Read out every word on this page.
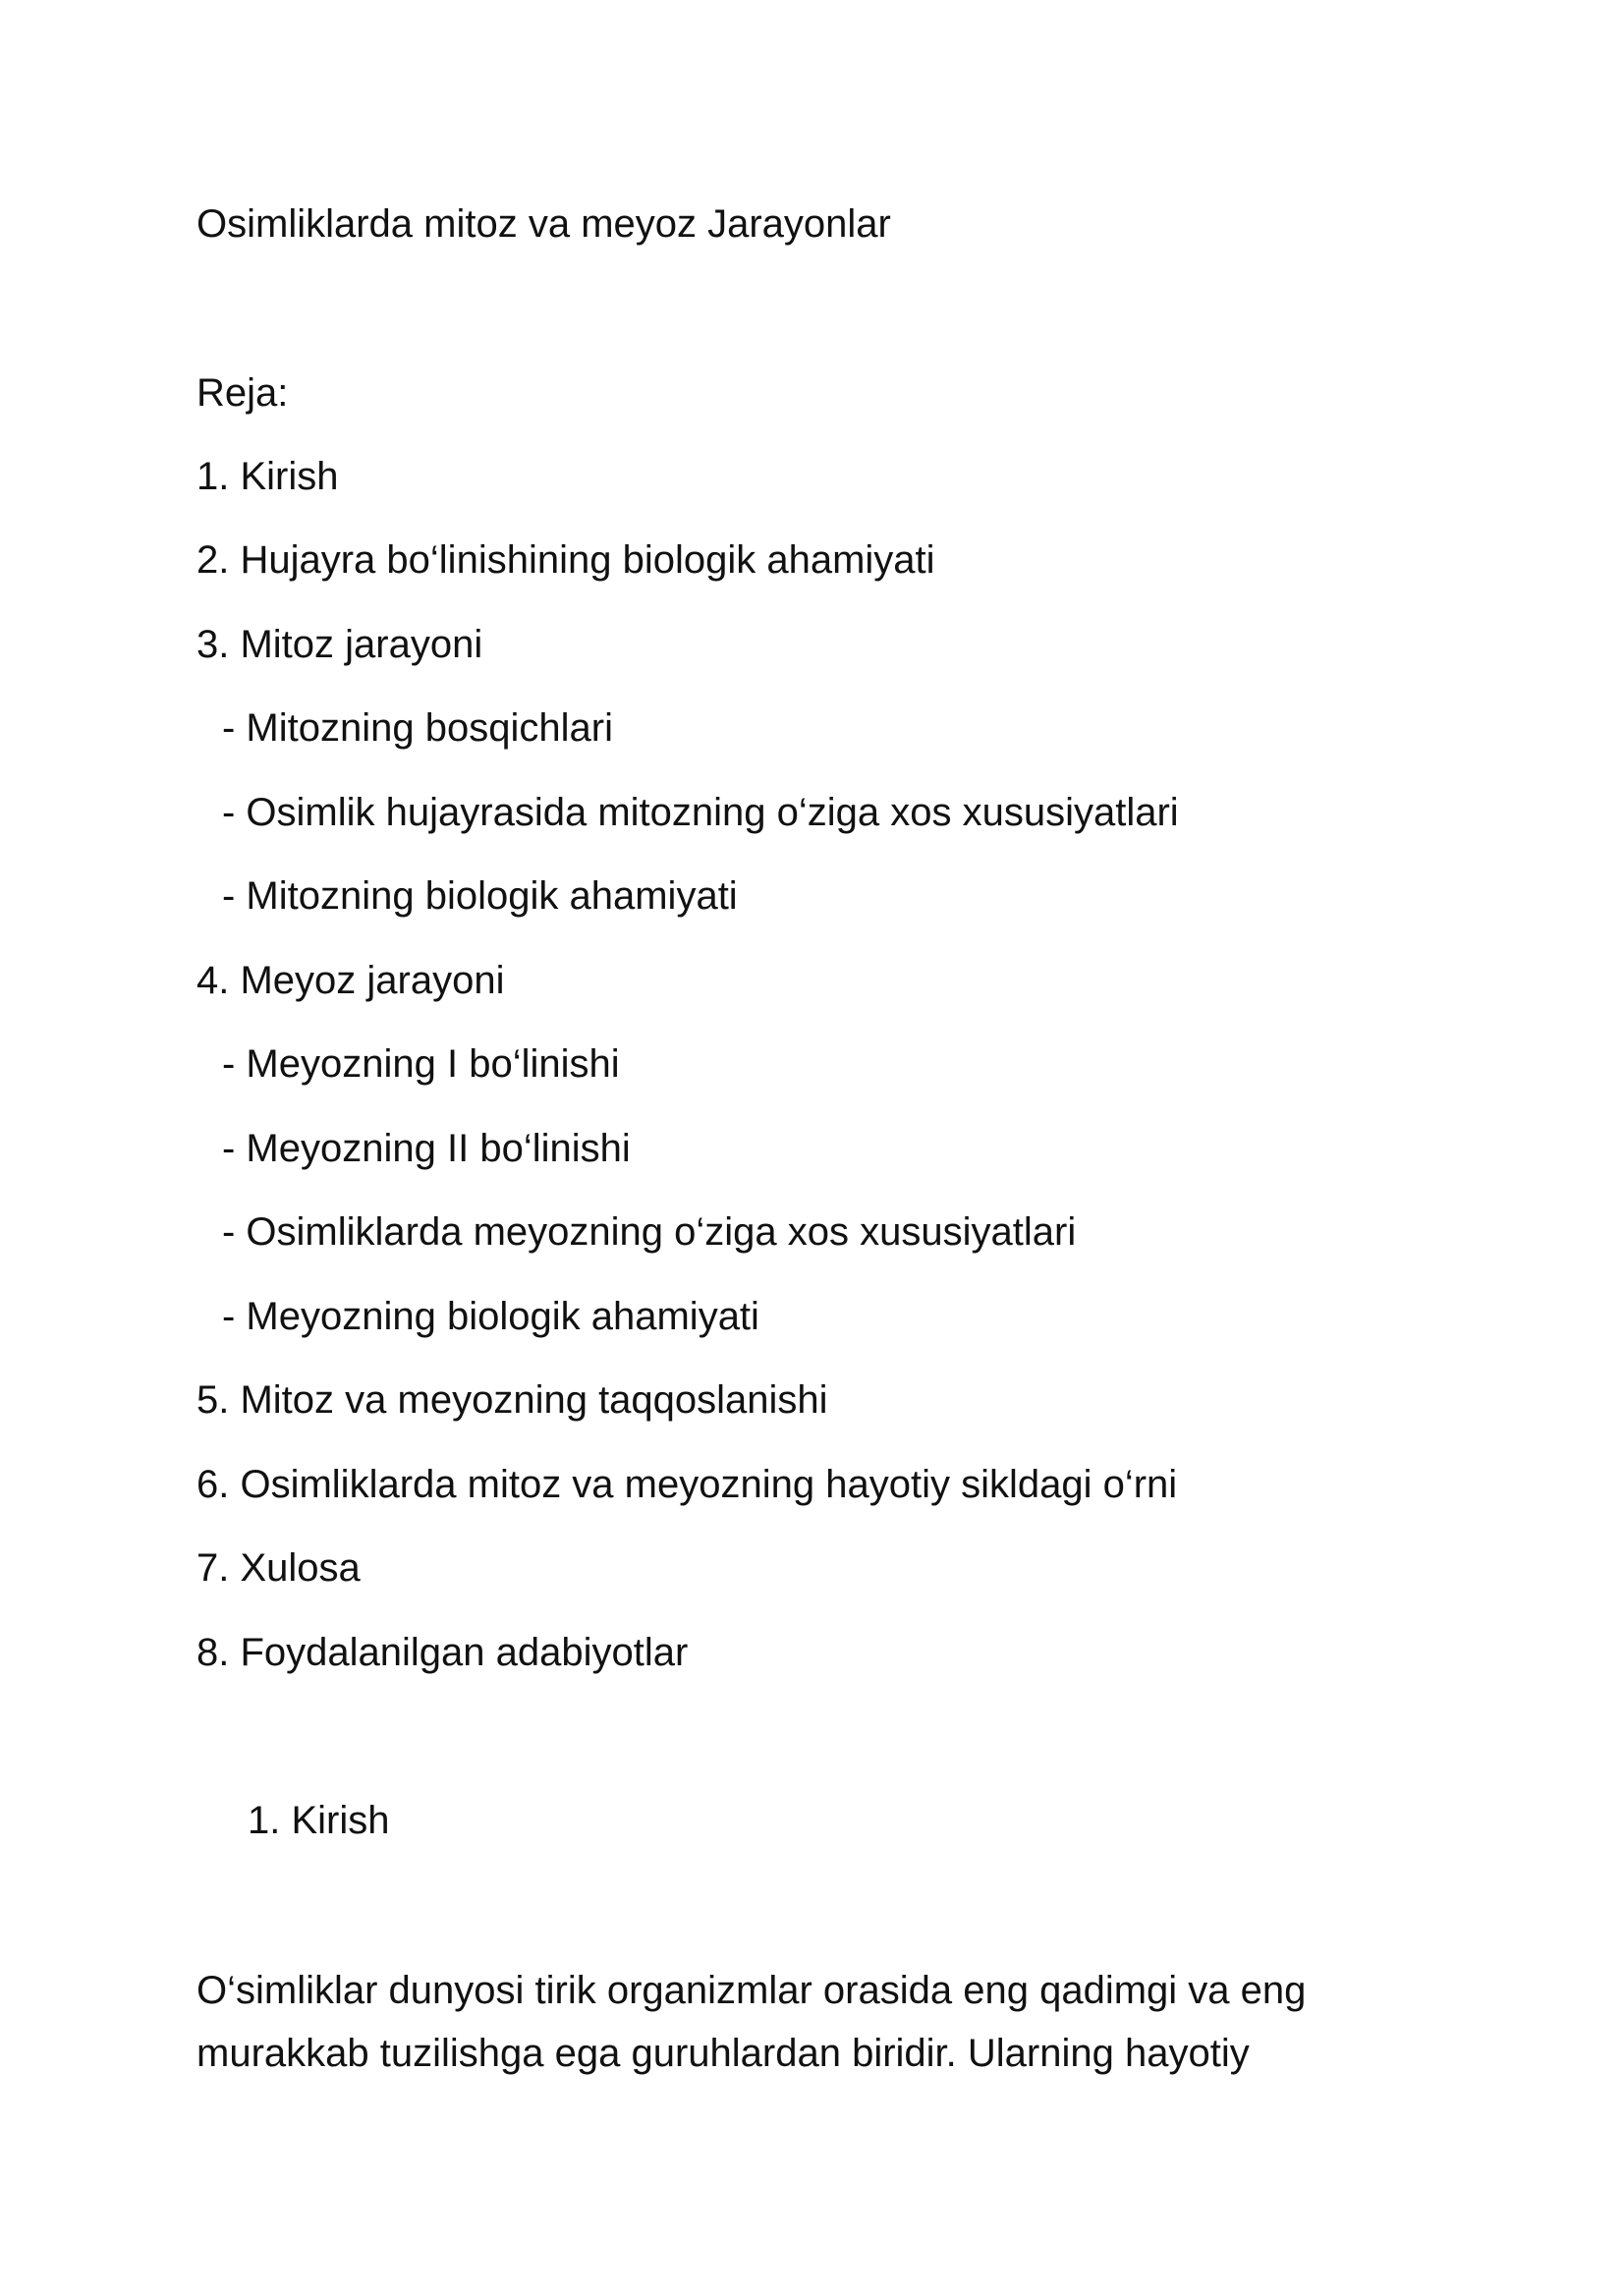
Osimliklarda mitoz va meyoz Jarayonlar

Reja:

1. Kirish

2. Hujayra bo‘linishining biologik ahamiyati

3. Mitoz jarayoni

- Mitozning bosqichlari

- Osimlik hujayrasida mitozning o‘ziga xos xususiyatlari

- Mitozning biologik ahamiyati

4. Meyoz jarayoni

- Meyozning I bo‘linishi

- Meyozning II bo‘linishi

- Osimliklarda meyozning o‘ziga xos xususiyatlari

- Meyozning biologik ahamiyati

5. Mitoz va meyozning taqqoslanishi

6. Osimliklarda mitoz va meyozning hayotiy sikldagi o‘rni

7. Xulosa

8. Foydalanilgan adabiyotlar

1. Kirish

O‘simliklar dunyosi tirik organizmlar orasida eng qadimgi va eng murakkab tuzilishga ega guruhlardan biridir. Ularning hayotiy
